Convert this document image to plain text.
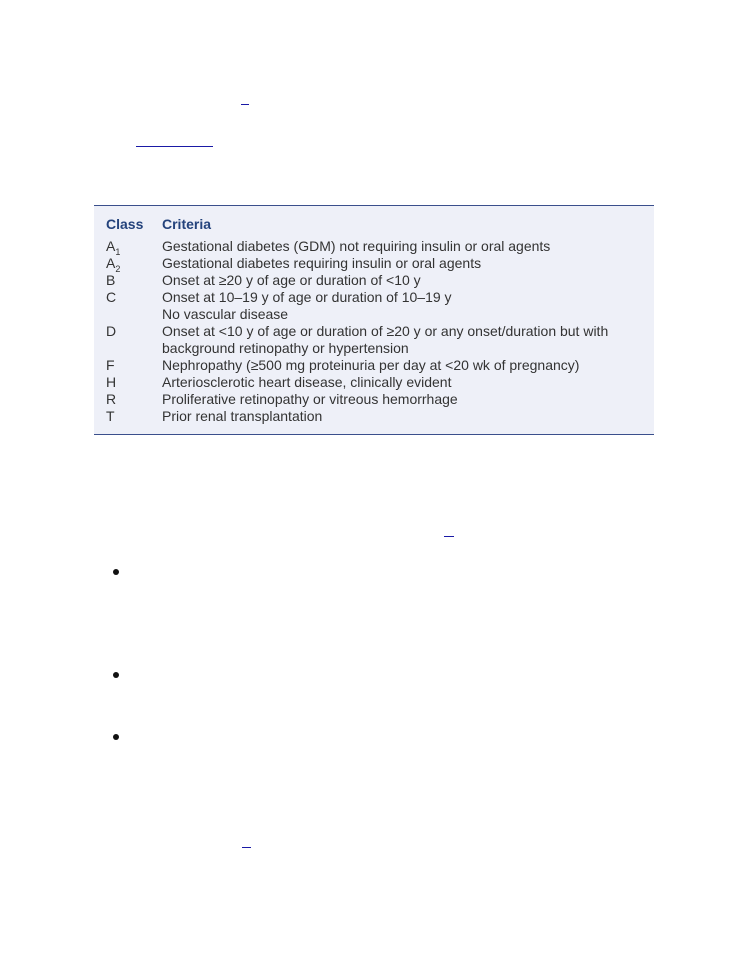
Class Criteria
$A_1$	Gestational diabetes (GDM) not requiring insulin or oral agents
$A_2$	Gestational diabetes requiring insulin or oral agents
B	Onset at ≥20 y of age or duration of <10 y
C	Onset at 10–19 y of age or duration of 10–19 y
No vascular disease
D	Onset at <10 y of age or duration of ≥20 y or any onset/duration but with background retinopathy or hypertension
F	Nephropathy (≥500 mg proteinuria per day at <20 wk of pregnancy)
H	Arteriosclerotic heart disease, clinically evident
R	Proliferative retinopathy or vitreous hemorrhage
T	Prior renal transplantation
